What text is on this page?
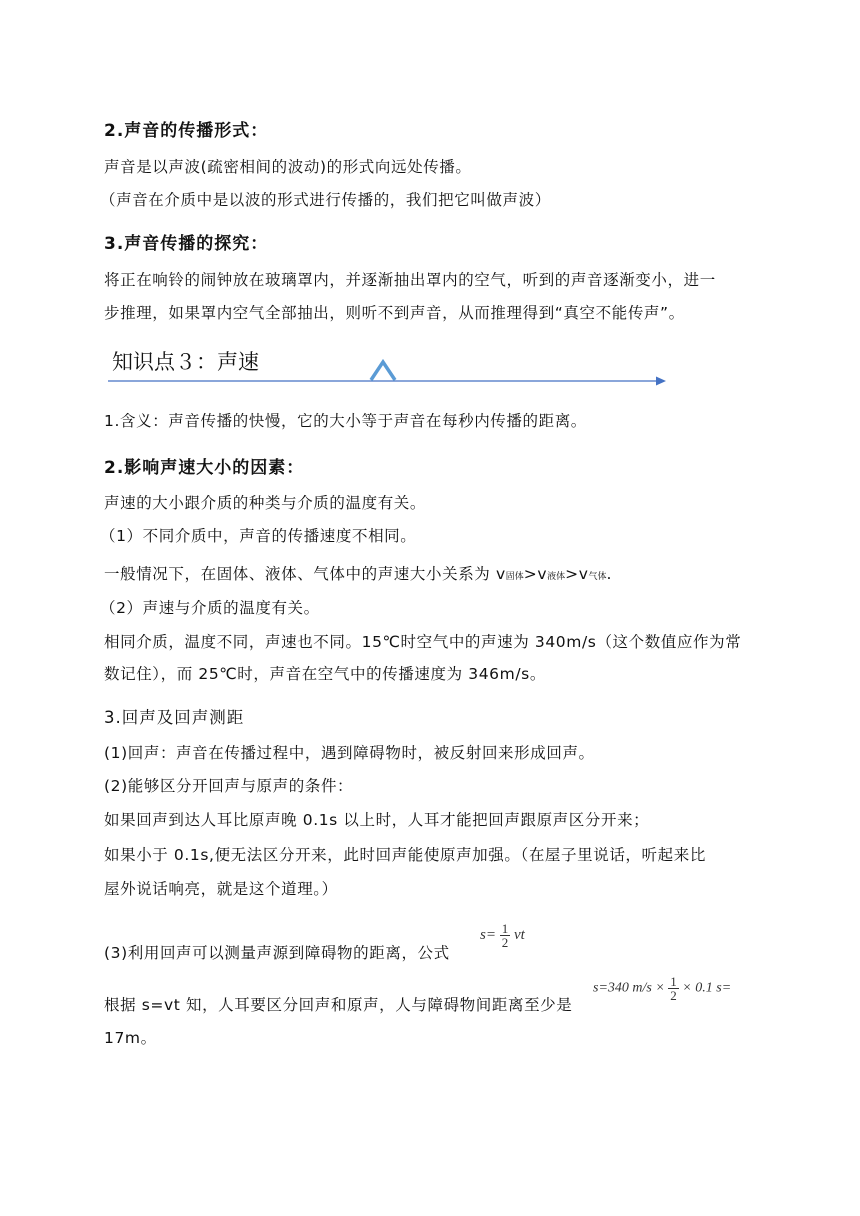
2.声音的传播形式：
声音是以声波(疏密相间的波动)的形式向远处传播。
（声音在介质中是以波的形式进行传播的，我们把它叫做声波）
3.声音传播的探究：
将正在响铃的闹钟放在玻璃罩内，并逐渐抽出罩内的空气，听到的声音逐渐变小，进一
步推理，如果罩内空气全部抽出，则听不到声音，从而推理得到“真空不能传声”。
知识点３：声速
1.含义：声音传播的快慢，它的大小等于声音在每秒内传播的距离。
2.影响声速大小的因素：
声速的大小跟介质的种类与介质的温度有关。
（1）不同介质中，声音的传播速度不相同。
一般情况下，在固体、液体、气体中的声速大小关系为 v固体>v液体>v气体.
（2）声速与介质的温度有关。
相同介质，温度不同，声速也不同。15℃时空气中的声速为 340m/s（这个数值应作为常
数记住），而 25℃时，声音在空气中的传播速度为 346m/s。
3.回声及回声测距
(1)回声：声音在传播过程中，遇到障碍物时，被反射回来形成回声。
(2)能够区分开回声与原声的条件：
如果回声到达人耳比原声晚 0.1s 以上时，人耳才能把回声跟原声区分开来；
如果小于 0.1s,便无法区分开来，此时回声能使原声加强。（在屋子里说话，听起来比
屋外说话响亮，就是这个道理。）
(3)利用回声可以测量声源到障碍物的距离，公式
$s= \frac{1}{2}$ vt
根据 s=vt 知，人耳要区分回声和原声，人与障碍物间距离至少是
s=340 $m/s \times \frac{1}{2} \times 0.1$ s=
17m。
